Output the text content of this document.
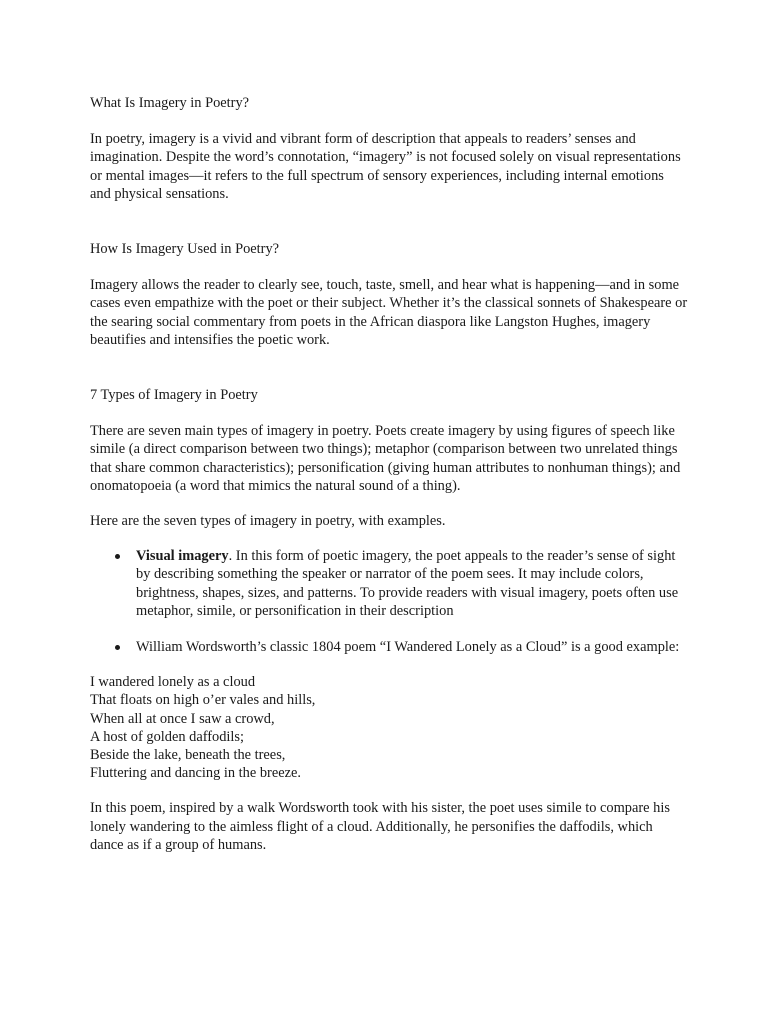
What Is Imagery in Poetry?

In poetry, imagery is a vivid and vibrant form of description that appeals to readers’ senses and imagination. Despite the word’s connotation, “imagery” is not focused solely on visual representations or mental images—it refers to the full spectrum of sensory experiences, including internal emotions and physical sensations.

How Is Imagery Used in Poetry?

Imagery allows the reader to clearly see, touch, taste, smell, and hear what is happening—and in some cases even empathize with the poet or their subject. Whether it’s the classical sonnets of Shakespeare or the searing social commentary from poets in the African diaspora like Langston Hughes, imagery beautifies and intensifies the poetic work.

7 Types of Imagery in Poetry

There are seven main types of imagery in poetry. Poets create imagery by using figures of speech like simile (a direct comparison between two things); metaphor (comparison between two unrelated things that share common characteristics); personification (giving human attributes to nonhuman things); and onomatopoeia (a word that mimics the natural sound of a thing).

Here are the seven types of imagery in poetry, with examples.

Visual imagery. In this form of poetic imagery, the poet appeals to the reader’s sense of sight by describing something the speaker or narrator of the poem sees. It may include colors, brightness, shapes, sizes, and patterns. To provide readers with visual imagery, poets often use metaphor, simile, or personification in their description
William Wordsworth’s classic 1804 poem “I Wandered Lonely as a Cloud” is a good example:
I wandered lonely as a cloud
That floats on high o’er vales and hills,
When all at once I saw a crowd,
A host of golden daffodils;
Beside the lake, beneath the trees,
Fluttering and dancing in the breeze.

In this poem, inspired by a walk Wordsworth took with his sister, the poet uses simile to compare his lonely wandering to the aimless flight of a cloud. Additionally, he personifies the daffodils, which dance as if a group of humans.
